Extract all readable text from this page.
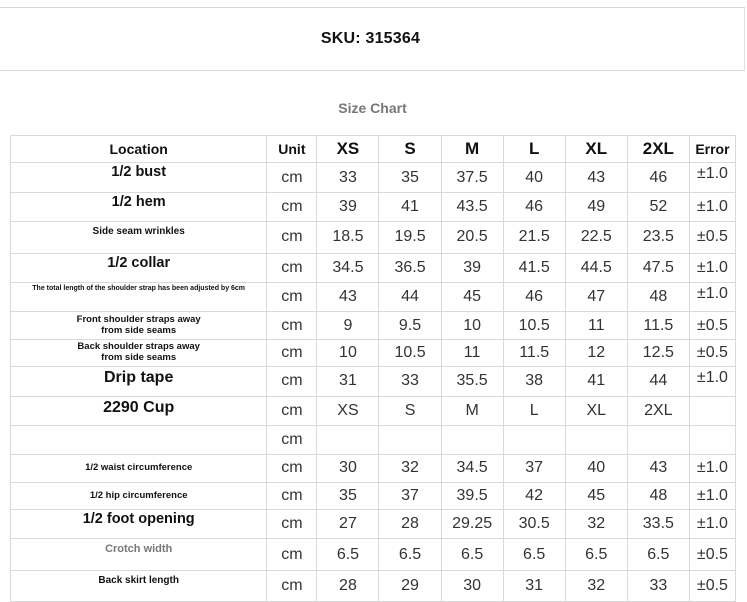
SKU: 315364
Size Chart
Location	Unit	XS	S	M	L	XL	2XL	Error
1/2 bust	cm	33	35	37.5	40	43	46	±1.0
1/2 hem	cm	39	41	43.5	46	49	52	±1.0
Side seam wrinkles	cm	18.5	19.5	20.5	21.5	22.5	23.5	±0.5
1/2 collar	cm	34.5	36.5	39	41.5	44.5	47.5	±1.0
The total length of the shoulder strap has been adjusted by 6cm	cm	43	44	45	46	47	48	±1.0
Front shoulder straps away from side seams	cm	9	9.5	10	10.5	11	11.5	±0.5
Back shoulder straps away from side seams	cm	10	10.5	11	11.5	12	12.5	±0.5
Drip tape	cm	31	33	35.5	38	41	44	±1.0
2290 Cup	cm	XS	S	M	L	XL	2XL	
	cm							
1/2 waist circumference	cm	30	32	34.5	37	40	43	±1.0
1/2 hip circumference	cm	35	37	39.5	42	45	48	±1.0
1/2 foot opening	cm	27	28	29.25	30.5	32	33.5	±1.0
Crotch width	cm	6.5	6.5	6.5	6.5	6.5	6.5	±0.5
Back skirt length	cm	28	29	30	31	32	33	±0.5
